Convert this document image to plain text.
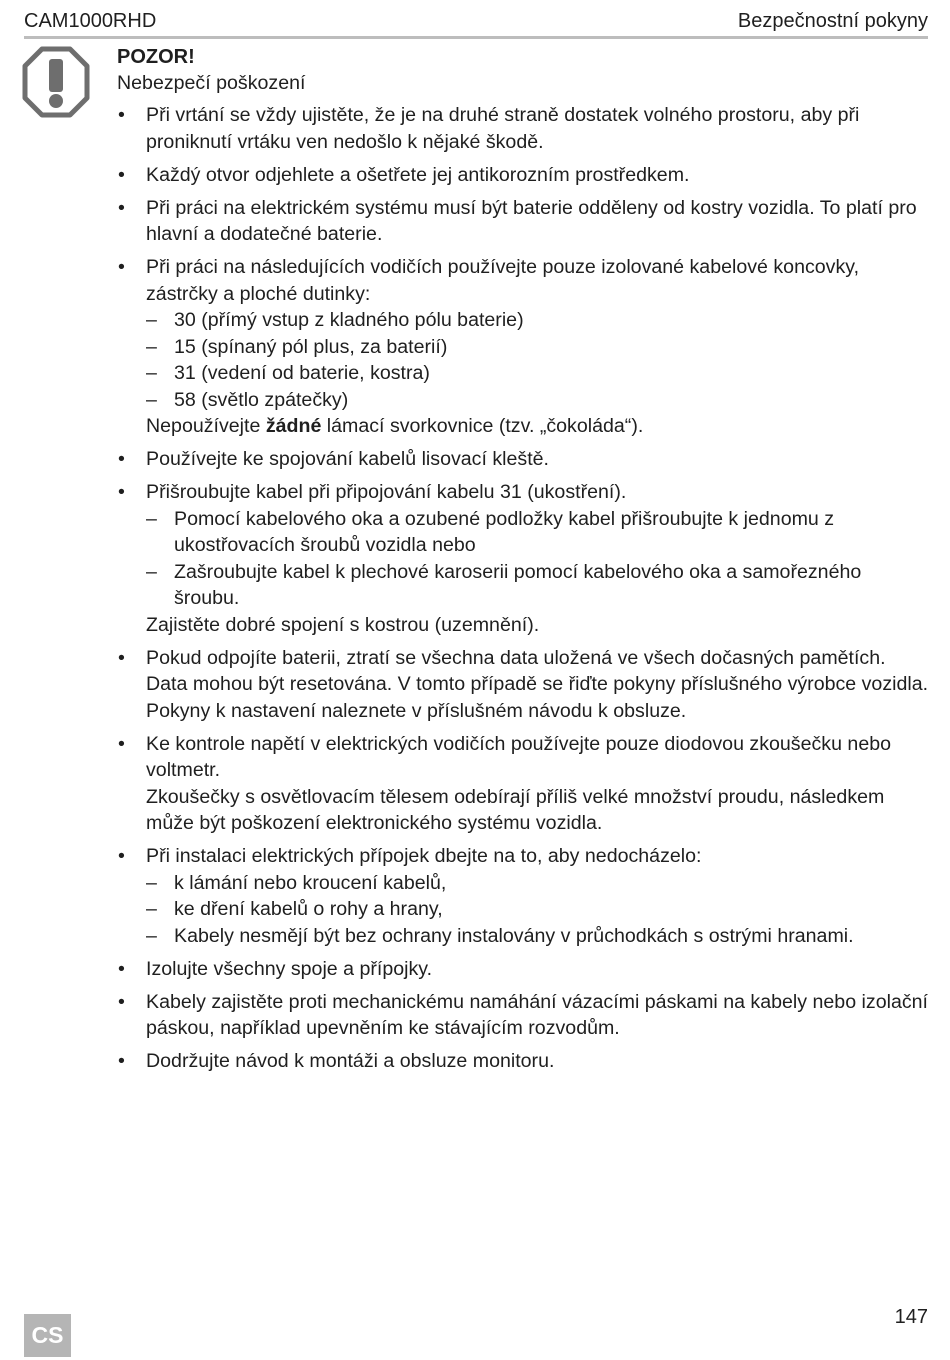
CAM1000RHD	Bezpečnostní pokyny
POZOR!
Nebezpečí poškození
• Při vrtání se vždy ujistěte, že je na druhé straně dostatek volného prostoru, aby při proniknutí vrtáku ven nedošlo k nějaké škodě.
• Každý otvor odjehlete a ošetřete jej antikorozním prostředkem.
• Při práci na elektrickém systému musí být baterie odděleny od kostry vozidla. To platí pro hlavní a dodatečné baterie.
• Při práci na následujících vodičích používejte pouze izolované kabelové koncovky, zástrčky a ploché dutinky:
– 30 (přímý vstup z kladného pólu baterie)
– 15 (spínaný pól plus, za baterií)
– 31 (vedení od baterie, kostra)
– 58 (světlo zpátečky)
Nepoužívejte žádné lámací svorkovnice (tzv. „čokoláda“).
• Používejte ke spojování kabelů lisovací kleště.
• Přišroubujte kabel při připojování kabelu 31 (ukostření).
– Pomocí kabelového oka a ozubené podložky kabel přišroubujte k jednomu z ukostřovacích šroubů vozidla nebo
– Zašroubujte kabel k plechové karoserii pomocí kabelového oka a samořezného šroubu.
Zajistěte dobré spojení s kostrou (uzemnění).
• Pokud odpojíte baterii, ztratí se všechna data uložená ve všech dočasných pamětích. Data mohou být resetována. V tomto případě se řiďte pokyny příslušného výrobce vozidla. Pokyny k nastavení naleznete v příslušném návodu k obsluze.
• Ke kontrole napětí v elektrických vodičích používejte pouze diodovou zkoušečku nebo voltmetr.
Zkoušečky s osvětlovacím tělesem odebírají příliš velké množství proudu, následkem může být poškození elektronického systému vozidla.
• Při instalaci elektrických přípojek dbejte na to, aby nedocházelo:
– k lámání nebo kroucení kabelů,
– ke dření kabelů o rohy a hrany,
– Kabely nesmějí být bez ochrany instalovány v průchodkách s ostrými hranami.
• Izolujte všechny spoje a přípojky.
• Kabely zajistěte proti mechanickému namáhání vázacími páskami na kabely nebo izolační páskou, například upevněním ke stávajícím rozvodům.
• Dodržujte návod k montáži a obsluze monitoru.
CS
147
